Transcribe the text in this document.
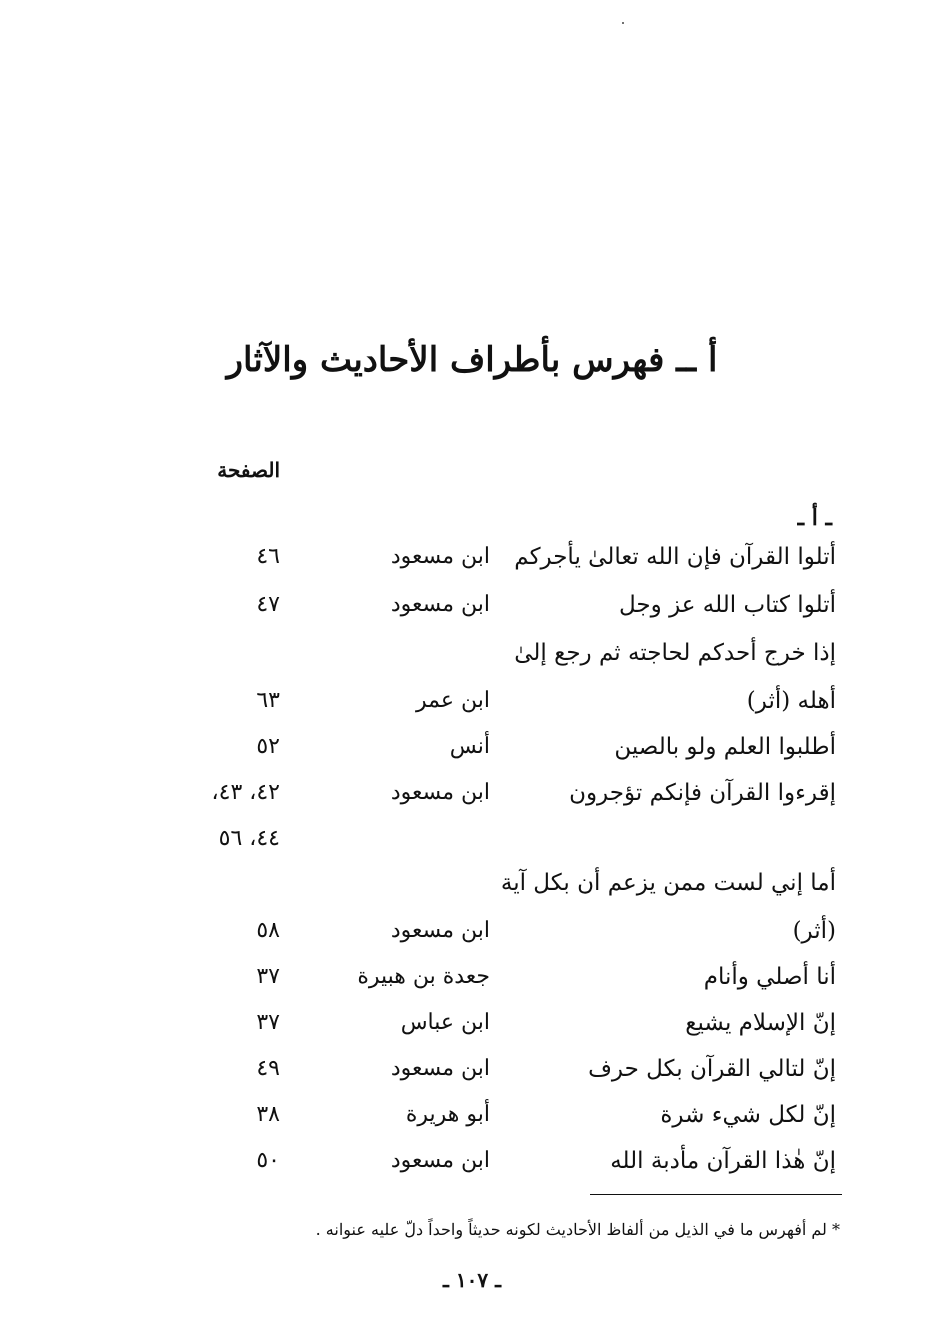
أ ــ فهرس بأطراف الأحاديث والآثار
الصفحة
ـ أ ـ
أتلوا القرآن فإن الله تعالىٰ يأجركم
ابن مسعود
٤٦
أتلوا كتاب الله عز وجل
ابن مسعود
٤٧
إذا خرج أحدكم لحاجته ثم رجع إلىٰ
أهله (أثر)
ابن عمر
٦٣
أطلبوا العلم ولو بالصين
أنس
٥٢
إقرءوا القرآن فإنكم تؤجرون
ابن مسعود
٤٢، ٤٣،
٤٤، ٥٦
أما إني لست ممن يزعم أن بكل آية
(أثر)
ابن مسعود
٥٨
أنا أصلي وأنام
جعدة بن هبيرة
٣٧
إنّ الإسلام يشيع
ابن عباس
٣٧
إنّ لتالي القرآن بكل حرف
ابن مسعود
٤٩
إنّ لكل شيء شرة
أبو هريرة
٣٨
إنّ هٰذا القرآن مأدبة الله
ابن مسعود
٥٠
* لم أفهرس ما في الذيل من ألفاظ الأحاديث لكونه حديثاً واحداً دلّ عليه عنوانه .
ـ ١٠٧ ـ
